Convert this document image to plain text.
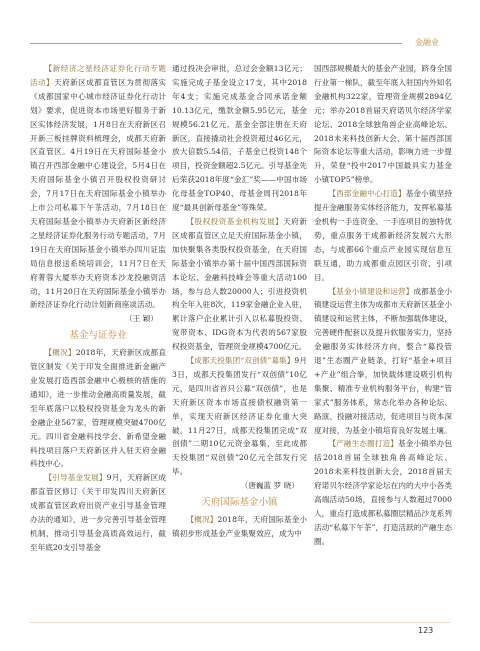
金融业

【新经济之星经济证券化行动专题活动】天府新区成都直管区为贯彻落实《成都国家中心城市经济证券化行动计划》要求，促进资本市场更好服务于新区实体经济发展，1月8日在天府新区召开新三板挂牌资料梳理会，成都天府新区直管区。4月19日在天府国际基金小镇召开西部金融中心建设会，5月4日在天府国际基金小镇召开股权投资研讨会，7月17日在天府国际基金小镇举办上市公司私募下午茶活动，7月18日在天府国际基金小镇举办天府新区新经济之星经济证券化服务行动专题活动，7月19日在天府国际基金小镇举办四川证监局信息报送系统培训会，11月7日在天府菁蓉大厦举办天府资本沙龙投融资活动，11月20日在天府国际基金小镇举办新经济证券化行动计划新商座谈活动。

（王 颖）

基金与证券业

【概况】2018年，天府新区成都直管区制发《关于印发全面推进新金融产业发展打造西部金融中心极核的措施的通知》，进一步推动金融高质量发展，截至年底落户以股权投资基金为龙头的新金融企业567家，管理规模突破4700亿元。四川省金融科技学会、新希望金融科技项目落户天府新区并入驻天府金融科技中心。

【引导基金发展】9月，天府新区成都直管区修订《关于印发四川天府新区成都直管区政府出资产业引导基金管理办法的通知》，进一步完善引导基金管理机制，推动引导基金高质高效运行，截至年底20支引导基金

通过投决会审批，总过会金额13亿元；实施完成子基金设立17支，其中2018年4支；实施完成基金合同承诺金额10.13亿元，缴款金额5.95亿元，基金规模56.21亿元。基金全部注册在天府新区，直接撬动社会投资超过46亿元，放大倍数5.54倍，子基金已投资148个项目，投资金额超2.5亿元。引导基金先后荣获2018年度“金汇”奖——中国市场化母基金TOP40、母基金周刊2018年度“最具创新母基金”等殊荣。

【股权投资基金机构发展】天府新区成都直管区立足天府国际基金小镇，加快聚集各类股权投资基金，在天府国际基金小镇举办第十届中国西部国际资本论坛、金融科技峰会等重大活动100场，参与总人数20000人；引进投资机构全年入驻8次，119家金融企业入驻，累计落户企业累计引入以私募股投资、宽带资本、IDG资本为代表的567家股权投资基金，管理资金规模4700亿元。

【成都天投集团“双创债”募集】9月3日，成都天投集团发行“双创债”10亿元，是四川省首只公募“双创债”，也是天府新区资本市场直接债权融资第一单，实现天府新区经济证券化重大突破。11月27日，成都天投集团完成“双创债”二期10亿元资金募集，至此成都天投集团“双创债”20亿元全部发行完毕。

（唐巍蓝 罗 晓）

天府国际基金小镇

【概况】2018年，天府国际基金小镇初步形成基金产业集聚效应，成为中

国西部规模最大的基金产业园，跻身全国行业第一梯队，截至年底入驻国内外知名金融机构322家，管理资金规模2894亿元；举办2018首届天府诺贝尔经济学家论坛、2018全球独角兽企业高峰论坛、2018未来科技创新大会、第十届西部国际资本论坛等重大活动，影响力进一步提升，荣登“投中2017中国最具实力基金小镇TOP5”榜单。

【西部金融中心打造】基金小镇坚持提升金融服务实体经济能力，发挥私募基金机构一手连资金、一手连项目的独特优势，重点服务于成都新经济发展六大形态，与成都66个重点产业园实现信息互联互通，助力成都重点园区引资、引项目。

【基金小镇建设和运营】成都基金小镇建设运营主体为成都市天府新区基金小镇建设和运营主体，不断加强载体建设，完善硬件配套以及提升软服务实力，坚持金融服务实体经济方向，整合“募投管退”生态圈产业链条，打好“基金+项目+产业”组合拳，加快载体建设吸引机构集聚、精准专业机构服务平台，构建“管家式”服务体系，常态化举办各种论坛、路演、投融对接活动，促进项目与资本深度对接，为基金小镇培育良好发展土壤。

【产融生态圈打造】基金小镇举办包括2018首届全球独角兽高峰论坛、2018未来科技创新大会，2018首届天府诺贝尔经济学家论坛在内的大中小各类高端活动50场，直接参与人数超过7000人，重点打造成都私募圈层精品沙龙系列活动“私募下午茶”，打造活跃的产融生态圈。

123
